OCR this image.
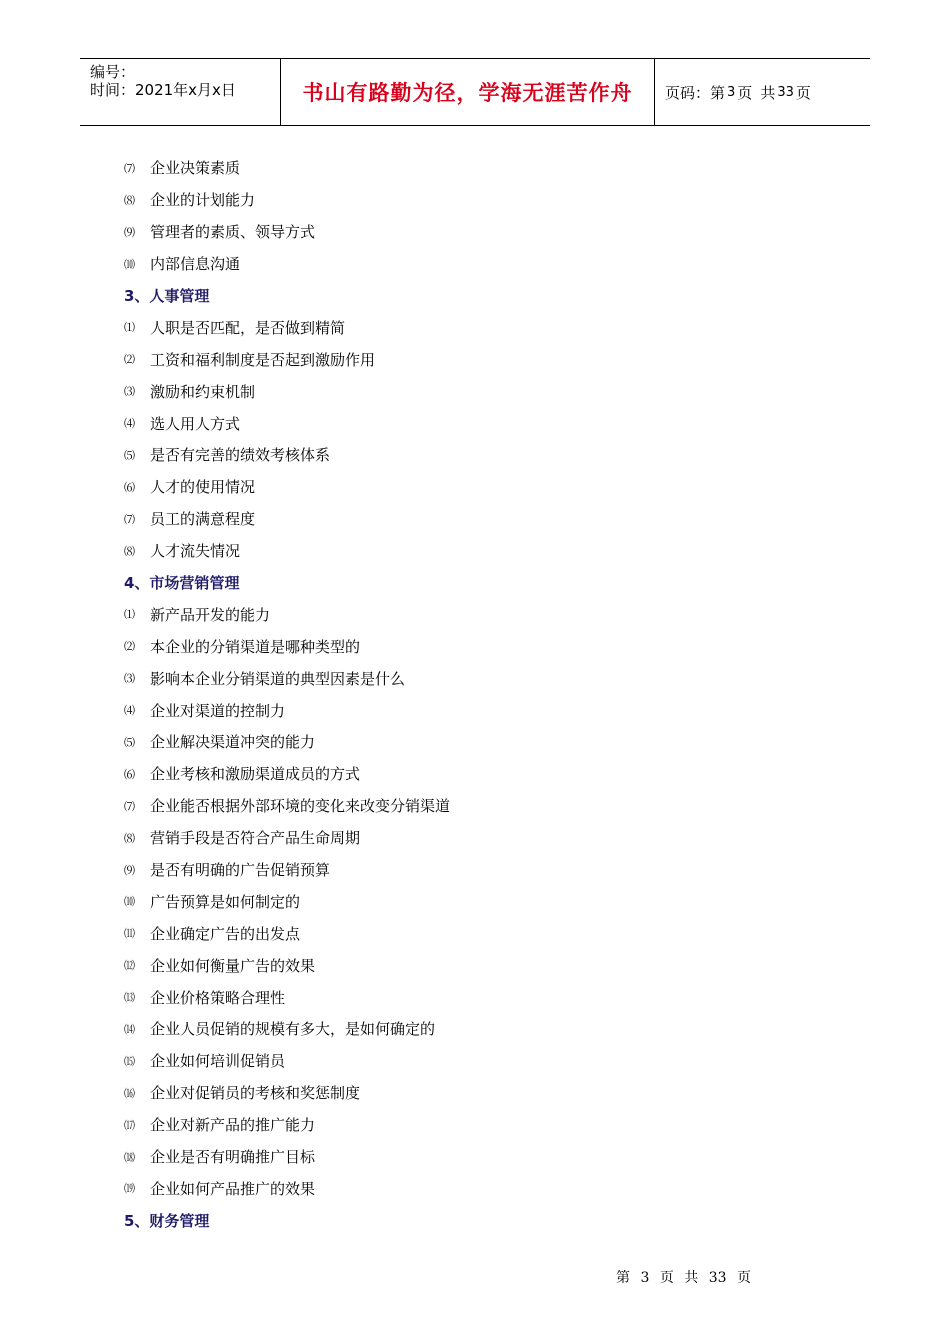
编号：
时间：2021年x月x日	书山有路勤为径，学海无涯苦作舟	页码：第 3 页 共 33 页
⑺	企业决策素质
⑻	企业的计划能力
⑼	管理者的素质、领导方式
⑽	内部信息沟通
3、人事管理
⑴	人职是否匹配，是否做到精简
⑵	工资和福利制度是否起到激励作用
⑶	激励和约束机制
⑷	选人用人方式
⑸	是否有完善的绩效考核体系
⑹	人才的使用情况
⑺	员工的满意程度
⑻	人才流失情况
4、市场营销管理
⑴	新产品开发的能力
⑵	本企业的分销渠道是哪种类型的
⑶	影响本企业分销渠道的典型因素是什么
⑷	企业对渠道的控制力
⑸	企业解决渠道冲突的能力
⑹	企业考核和激励渠道成员的方式
⑺	企业能否根据外部环境的变化来改变分销渠道
⑻	营销手段是否符合产品生命周期
⑼	是否有明确的广告促销预算
⑽	广告预算是如何制定的
⑾	企业确定广告的出发点
⑿	企业如何衡量广告的效果
⒀	企业价格策略合理性
⒁	企业人员促销的规模有多大，是如何确定的
⒂	企业如何培训促销员
⒃	企业对促销员的考核和奖惩制度
⒄	企业对新产品的推广能力
⒅	企业是否有明确推广目标
⒆	企业如何产品推广的效果
5、财务管理
第 3 页 共 33 页
